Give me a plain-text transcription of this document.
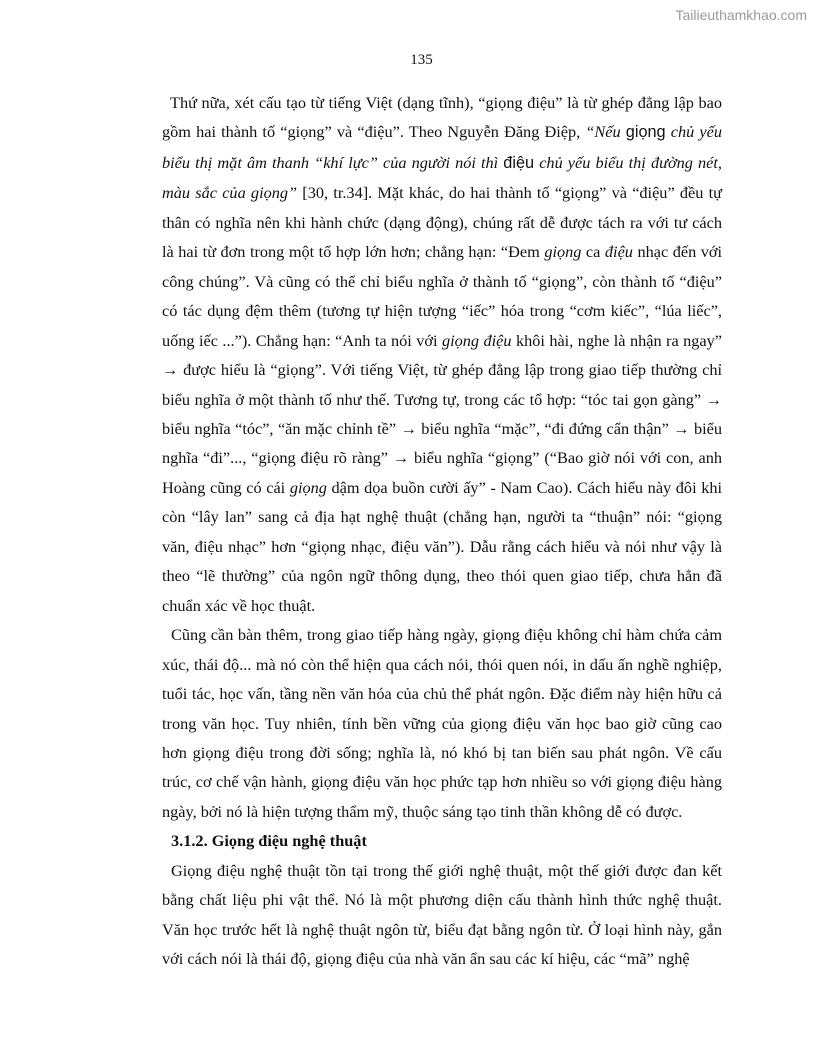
Tailieuthamkhao.com
135

Thứ nữa, xét cấu tạo từ tiếng Việt (dạng tĩnh), “giọng điệu” là từ ghép đẳng lập bao gồm hai thành tố “giọng” và “điệu”. Theo Nguyễn Đăng Điệp, “Nếu giọng chủ yếu biểu thị mặt âm thanh “khí lực” của người nói thì điệu chủ yếu biểu thị đường nét, màu sắc của giọng” [30, tr.34]. Mặt khác, do hai thành tố “giọng” và “điệu” đều tự thân có nghĩa nên khi hành chức (dạng động), chúng rất dễ được tách ra với tư cách là hai từ đơn trong một tổ hợp lớn hơn; chẳng hạn: “Đem giọng ca điệu nhạc đến với công chúng”. Và cũng có thể chỉ biểu nghĩa ở thành tố “giọng”, còn thành tố “điệu” có tác dụng đệm thêm (tương tự hiện tượng “iếc” hóa trong “cơm kiếc”, “lúa liếc”, uống iếc ...”). Chẳng hạn: “Anh ta nói với giọng điệu khôi hài, nghe là nhận ra ngay” → được hiểu là “giọng”. Với tiếng Việt, từ ghép đẳng lập trong giao tiếp thường chỉ biểu nghĩa ở một thành tố như thế. Tương tự, trong các tổ hợp: “tóc tai gọn gàng” → biểu nghĩa “tóc”, “ăn mặc chỉnh tề” → biểu nghĩa “mặc”, “đi đứng cẩn thận” → biểu nghĩa “đi”..., “giọng điệu rõ ràng” → biểu nghĩa “giọng” (“Bao giờ nói với con, anh Hoàng cũng có cái giọng dậm dọa buồn cười ấy” - Nam Cao). Cách hiểu này đôi khi còn “lây lan” sang cả địa hạt nghệ thuật (chẳng hạn, người ta “thuận” nói: “giọng văn, điệu nhạc” hơn “giọng nhạc, điệu văn”). Dẫu rằng cách hiểu và nói như vậy là theo “lẽ thường” của ngôn ngữ thông dụng, theo thói quen giao tiếp, chưa hẳn đã chuẩn xác về học thuật.

Cũng cần bàn thêm, trong giao tiếp hàng ngày, giọng điệu không chỉ hàm chứa cảm xúc, thái độ... mà nó còn thể hiện qua cách nói, thói quen nói, in dấu ấn nghề nghiệp, tuổi tác, học vấn, tầng nền văn hóa của chủ thể phát ngôn. Đặc điểm này hiện hữu cả trong văn học. Tuy nhiên, tính bền vững của giọng điệu văn học bao giờ cũng cao hơn giọng điệu trong đời sống; nghĩa là, nó khó bị tan biến sau phát ngôn. Về cấu trúc, cơ chế vận hành, giọng điệu văn học phức tạp hơn nhiều so với giọng điệu hàng ngày, bởi nó là hiện tượng thẩm mỹ, thuộc sáng tạo tinh thần không dễ có được.

3.1.2. Giọng điệu nghệ thuật

Giọng điệu nghệ thuật tồn tại trong thế giới nghệ thuật, một thế giới được đan kết bằng chất liệu phi vật thể. Nó là một phương diện cấu thành hình thức nghệ thuật. Văn học trước hết là nghệ thuật ngôn từ, biểu đạt bằng ngôn từ. Ở loại hình này, gắn với cách nói là thái độ, giọng điệu của nhà văn ẩn sau các kí hiệu, các “mã” nghệ
